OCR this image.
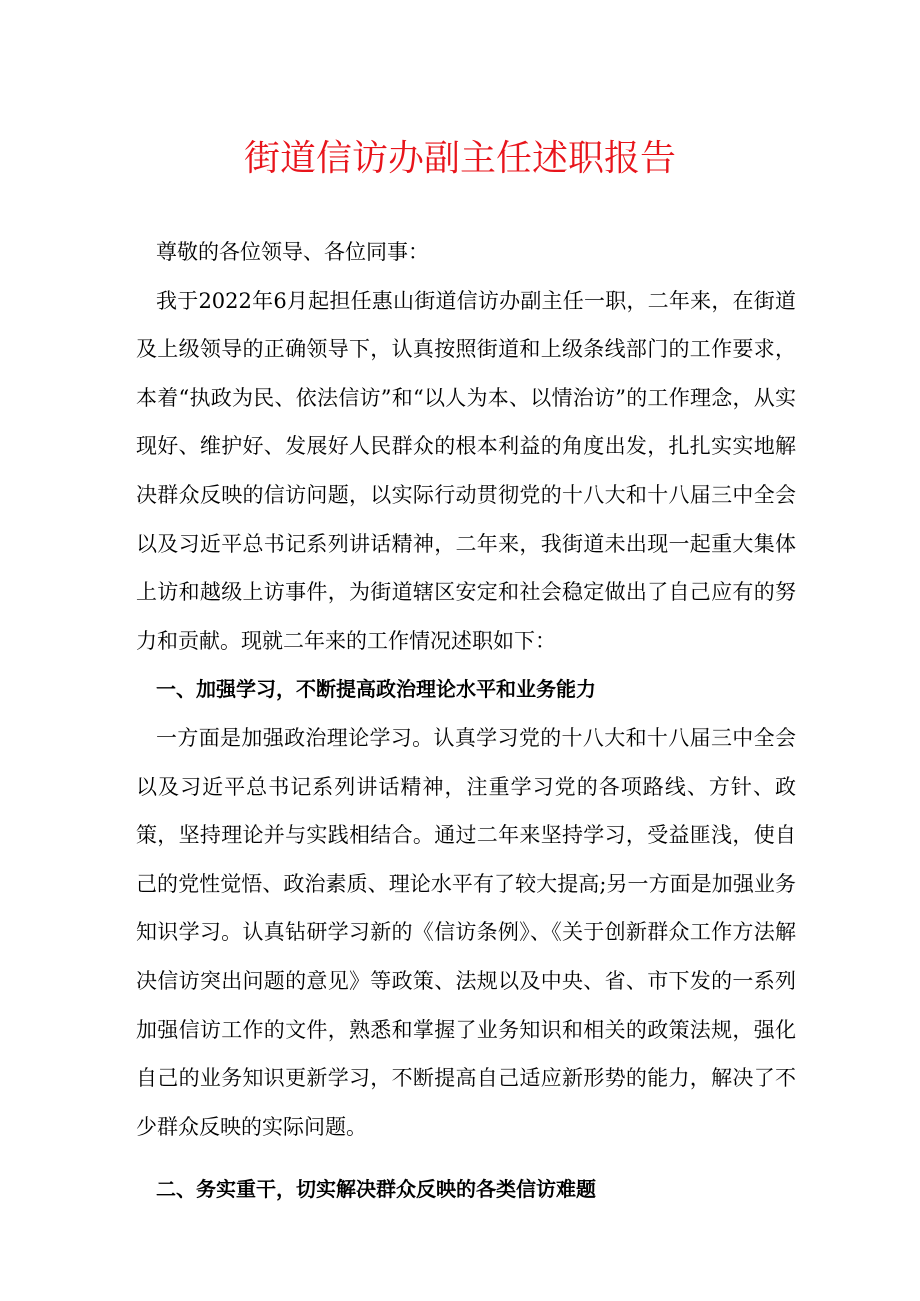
街道信访办副主任述职报告

尊敬的各位领导、各位同事：

我于2022年6月起担任惠山街道信访办副主任一职，二年来，在街道及上级领导的正确领导下，认真按照街道和上级条线部门的工作要求，本着“执政为民、依法信访”和“以人为本、以情治访”的工作理念，从实现好、维护好、发展好人民群众的根本利益的角度出发，扎扎实实地解决群众反映的信访问题，以实际行动贯彻党的十八大和十八届三中全会以及习近平总书记系列讲话精神，二年来，我街道未出现一起重大集体上访和越级上访事件，为街道辖区安定和社会稳定做出了自己应有的努力和贡献。现就二年来的工作情况述职如下：

一、加强学习，不断提高政治理论水平和业务能力

一方面是加强政治理论学习。认真学习党的十八大和十八届三中全会以及习近平总书记系列讲话精神，注重学习党的各项路线、方针、政策，坚持理论并与实践相结合。通过二年来坚持学习，受益匪浅，使自己的党性觉悟、政治素质、理论水平有了较大提高;另一方面是加强业务知识学习。认真钻研学习新的《信访条例》、《关于创新群众工作方法解决信访突出问题的意见》等政策、法规以及中央、省、市下发的一系列加强信访工作的文件，熟悉和掌握了业务知识和相关的政策法规，强化自己的业务知识更新学习，不断提高自己适应新形势的能力，解决了不少群众反映的实际问题。

二、务实重干，切实解决群众反映的各类信访难题
